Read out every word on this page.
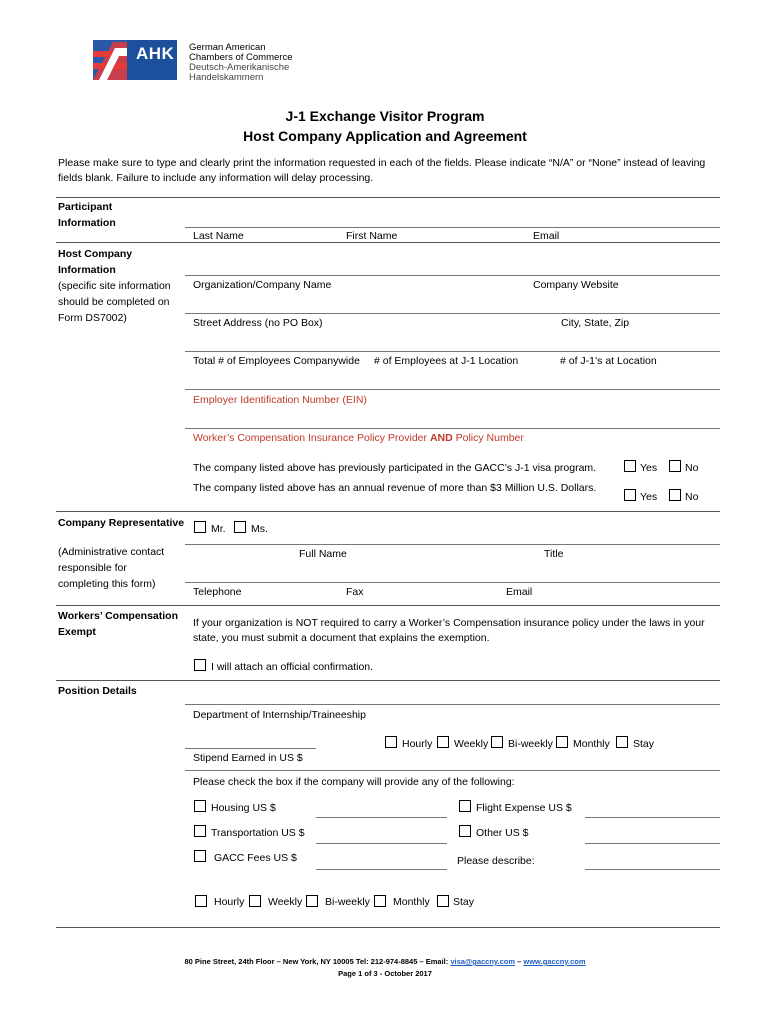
AHK German American
Chambers of Commerce
Deutsch-Amerikanische
Handelskammern
J-1 Exchange Visitor Program
Host Company Application and Agreement
Please make sure to type and clearly print the information requested in each of the fields. Please indicate “N/A” or “None” instead of leaving
fields blank. Failure to include any information will delay processing.
Participant
Information
Last Name	First Name	Email
Host Company
Information
(specific site information
should be completed on
Form DS7002)
Organization/Company Name	Company Website
Street Address (no PO Box)	City, State, Zip
Total # of Employees Companywide # of Employees at J-1 Location	# of J-1’s at Location
Employer Identification Number (EIN)
Worker’s Compensation Insurance Policy Provider AND Policy Number
The company listed above has previously participated in the GACC’s J-1 visa program.	Yes	No
The company listed above has an annual revenue of more than $3 Million U.S. Dollars.
Yes	No
Company Representative
(Administrative contact
responsible for
completing this form)
Mr. Ms.
Full Name	Title
Telephone	Fax	Email
Workers’ Compensation
Exempt
If your organization is NOT required to carry a Worker’s Compensation insurance policy under the laws in your
state, you must submit a document that explains the exemption.
I will attach an official confirmation.
Position Details
Department of Internship/Traineeship
Stipend Earned in US $
Hourly Weekly Bi-weekly Monthly Stay
Please check the box if the company will provide any of the following:
Housing US $	Flight Expense US $
Transportation US $	Other US $
GACC Fees US $	Please describe:
Hourly Weekly Bi-weekly Monthly Stay
80 Pine Street, 24th Floor – New York, NY 10005 Tel: 212-974-8845 – Email: visa@gaccny.com – www.gaccny.com
Page 1 of 3 - October 2017
